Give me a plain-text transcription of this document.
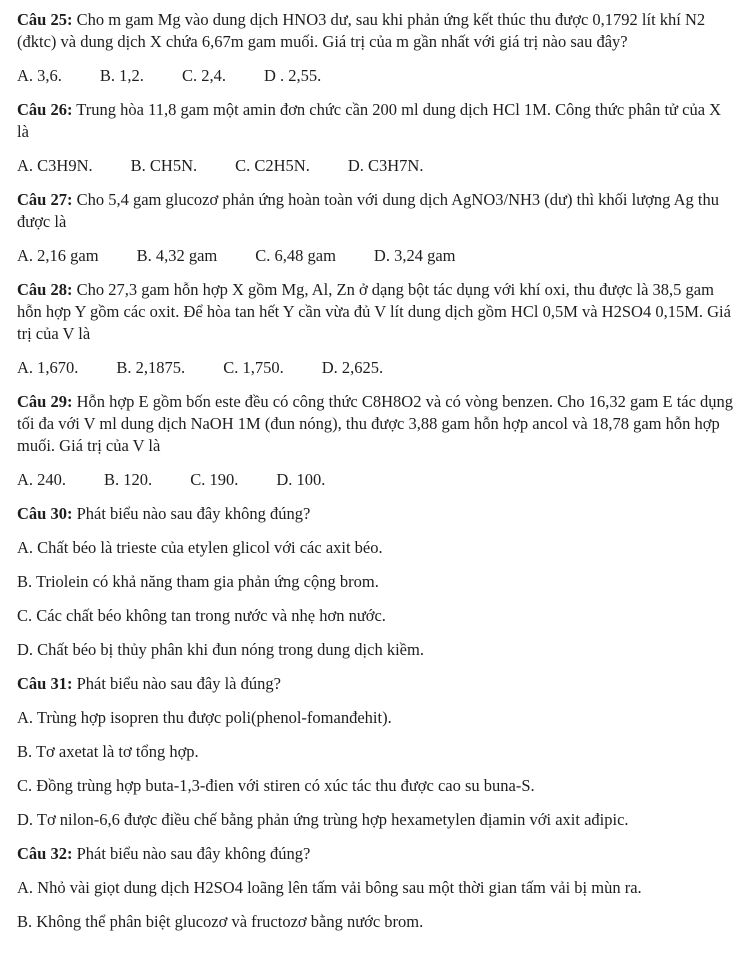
Câu 25: Cho m gam Mg vào dung dịch HNO3 dư, sau khi phản ứng kết thúc thu được 0,1792 lít khí N2 (đktc) và dung dịch X chứa 6,67m gam muối. Giá trị của m gần nhất với giá trị nào sau đây?

A. 3,6. B. 1,2. C. 2,4. D . 2,55.

Câu 26: Trung hòa 11,8 gam một amin đơn chức cần 200 ml dung dịch HCl 1M. Công thức phân tử của X là

A. C3H9N. B. CH5N. C. C2H5N. D. C3H7N.

Câu 27: Cho 5,4 gam glucozơ phản ứng hoàn toàn với dung dịch AgNO3/NH3 (dư) thì khối lượng Ag thu được là

A. 2,16 gam B. 4,32 gam C. 6,48 gam D. 3,24 gam

Câu 28: Cho 27,3 gam hỗn hợp X gồm Mg, Al, Zn ở dạng bột tác dụng với khí oxi, thu được là 38,5 gam hỗn hợp Y gồm các oxit. Để hòa tan hết Y cần vừa đủ V lít dung dịch gồm HCl 0,5M và H2SO4 0,15M. Giá trị của V là

A. 1,670. B. 2,1875. C. 1,750. D. 2,625.

Câu 29: Hỗn hợp E gồm bốn este đều có công thức C8H8O2 và có vòng benzen. Cho 16,32 gam E tác dụng tối đa với V ml dung dịch NaOH 1M (đun nóng), thu được 3,88 gam hỗn hợp ancol và 18,78 gam hỗn hợp muối. Giá trị của V là

A. 240. B. 120. C. 190. D. 100.

Câu 30: Phát biểu nào sau đây không đúng?

A. Chất béo là trieste của etylen glicol với các axit béo.

B. Triolein có khả năng tham gia phản ứng cộng brom.

C. Các chất béo không tan trong nước và nhẹ hơn nước.

D. Chất béo bị thủy phân khi đun nóng trong dung dịch kiềm.

Câu 31: Phát biểu nào sau đây là đúng?

A. Trùng hợp isopren thu được poli(phenol-fomanđehit).

B. Tơ axetat là tơ tổng hợp.

C. Đồng trùng hợp buta-1,3-đien với stiren có xúc tác thu được cao su buna-S.

D. Tơ nilon-6,6 được điều chế bằng phản ứng trùng hợp hexametylen địamin với axit ađipic.

Câu 32: Phát biểu nào sau đây không đúng?

A. Nhỏ vài giọt dung dịch H2SO4 loãng lên tấm vải bông sau một thời gian tấm vải bị mùn ra.

B. Không thể phân biệt glucozơ và fructozơ bằng nước brom.
